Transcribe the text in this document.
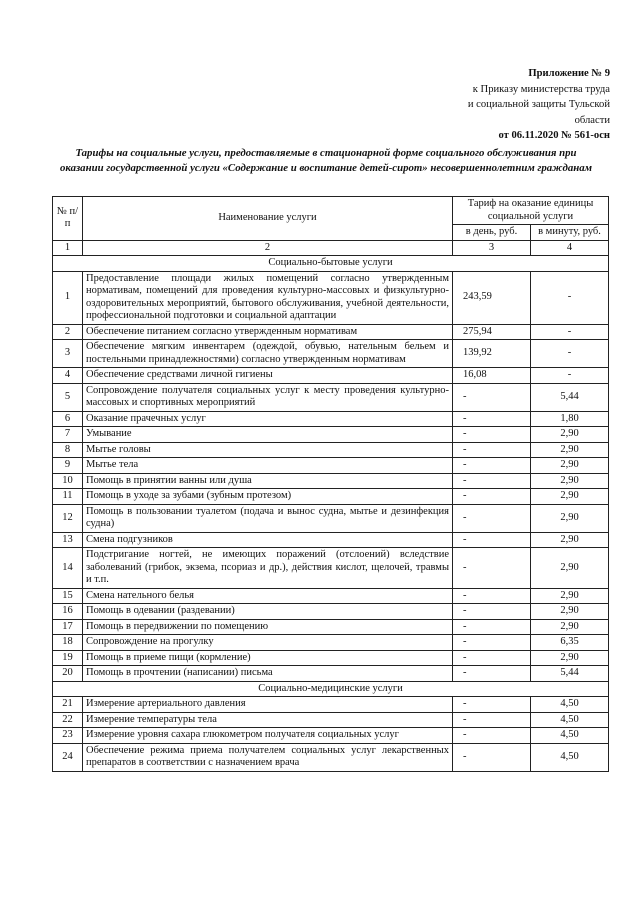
Приложение № 9
к Приказу министерства труда
и социальной защиты Тульской
области
от 06.11.2020 № 561-осн
Тарифы на социальные услуги, предоставляемые в стационарной форме социального обслуживания при оказании государственной услуги «Содержание и воспитание детей-сирот» несовершеннолетним гражданам
№ п/п	Наименование услуги	Тариф на оказание единицы социальной услуги	
		в день, руб.	в минуту, руб.
1	2	3	4
Социально-бытовые услуги			
1	Предоставление площади жилых помещений согласно утвержденным нормативам, помещений для проведения культурно-массовых и физкультурно-оздоровительных мероприятий, бытового обслуживания, учебной деятельности, профессиональной подготовки и социальной адаптации	243,59	-
2	Обеспечение питанием согласно утвержденным нормативам	275,94	-
3	Обеспечение мягким инвентарем (одеждой, обувью, нательным бельем и постельными принадлежностями) согласно утвержденным нормативам	139,92	-
4	Обеспечение средствами личной гигиены	16,08	-
5	Сопровождение получателя социальных услуг к месту проведения культурно-массовых и спортивных мероприятий	-	5,44
6	Оказание прачечных услуг	-	1,80
7	Умывание	-	2,90
8	Мытье головы	-	2,90
9	Мытье тела	-	2,90
10	Помощь в принятии ванны или душа	-	2,90
11	Помощь в уходе за зубами (зубным протезом)	-	2,90
12	Помощь в пользовании туалетом (подача и вынос судна, мытье и дезинфекция судна)	-	2,90
13	Смена подгузников	-	2,90
14	Подстригание ногтей, не имеющих поражений (отслоений) вследствие заболеваний (грибок, экзема, псориаз и др.), действия кислот, щелочей, травмы и т.п.	-	2,90
15	Смена нательного белья	-	2,90
16	Помощь в одевании (раздевании)	-	2,90
17	Помощь в передвижении по помещению	-	2,90
18	Сопровождение на прогулку	-	6,35
19	Помощь в приеме пищи (кормление)	-	2,90
20	Помощь в прочтении (написании) письма	-	5,44
Социально-медицинские услуги			
21	Измерение артериального давления	-	4,50
22	Измерение температуры тела	-	4,50
23	Измерение уровня сахара глюкометром получателя социальных услуг	-	4,50
24	Обеспечение режима приема получателем социальных услуг лекарственных препаратов в соответствии с назначением врача	-	4,50
